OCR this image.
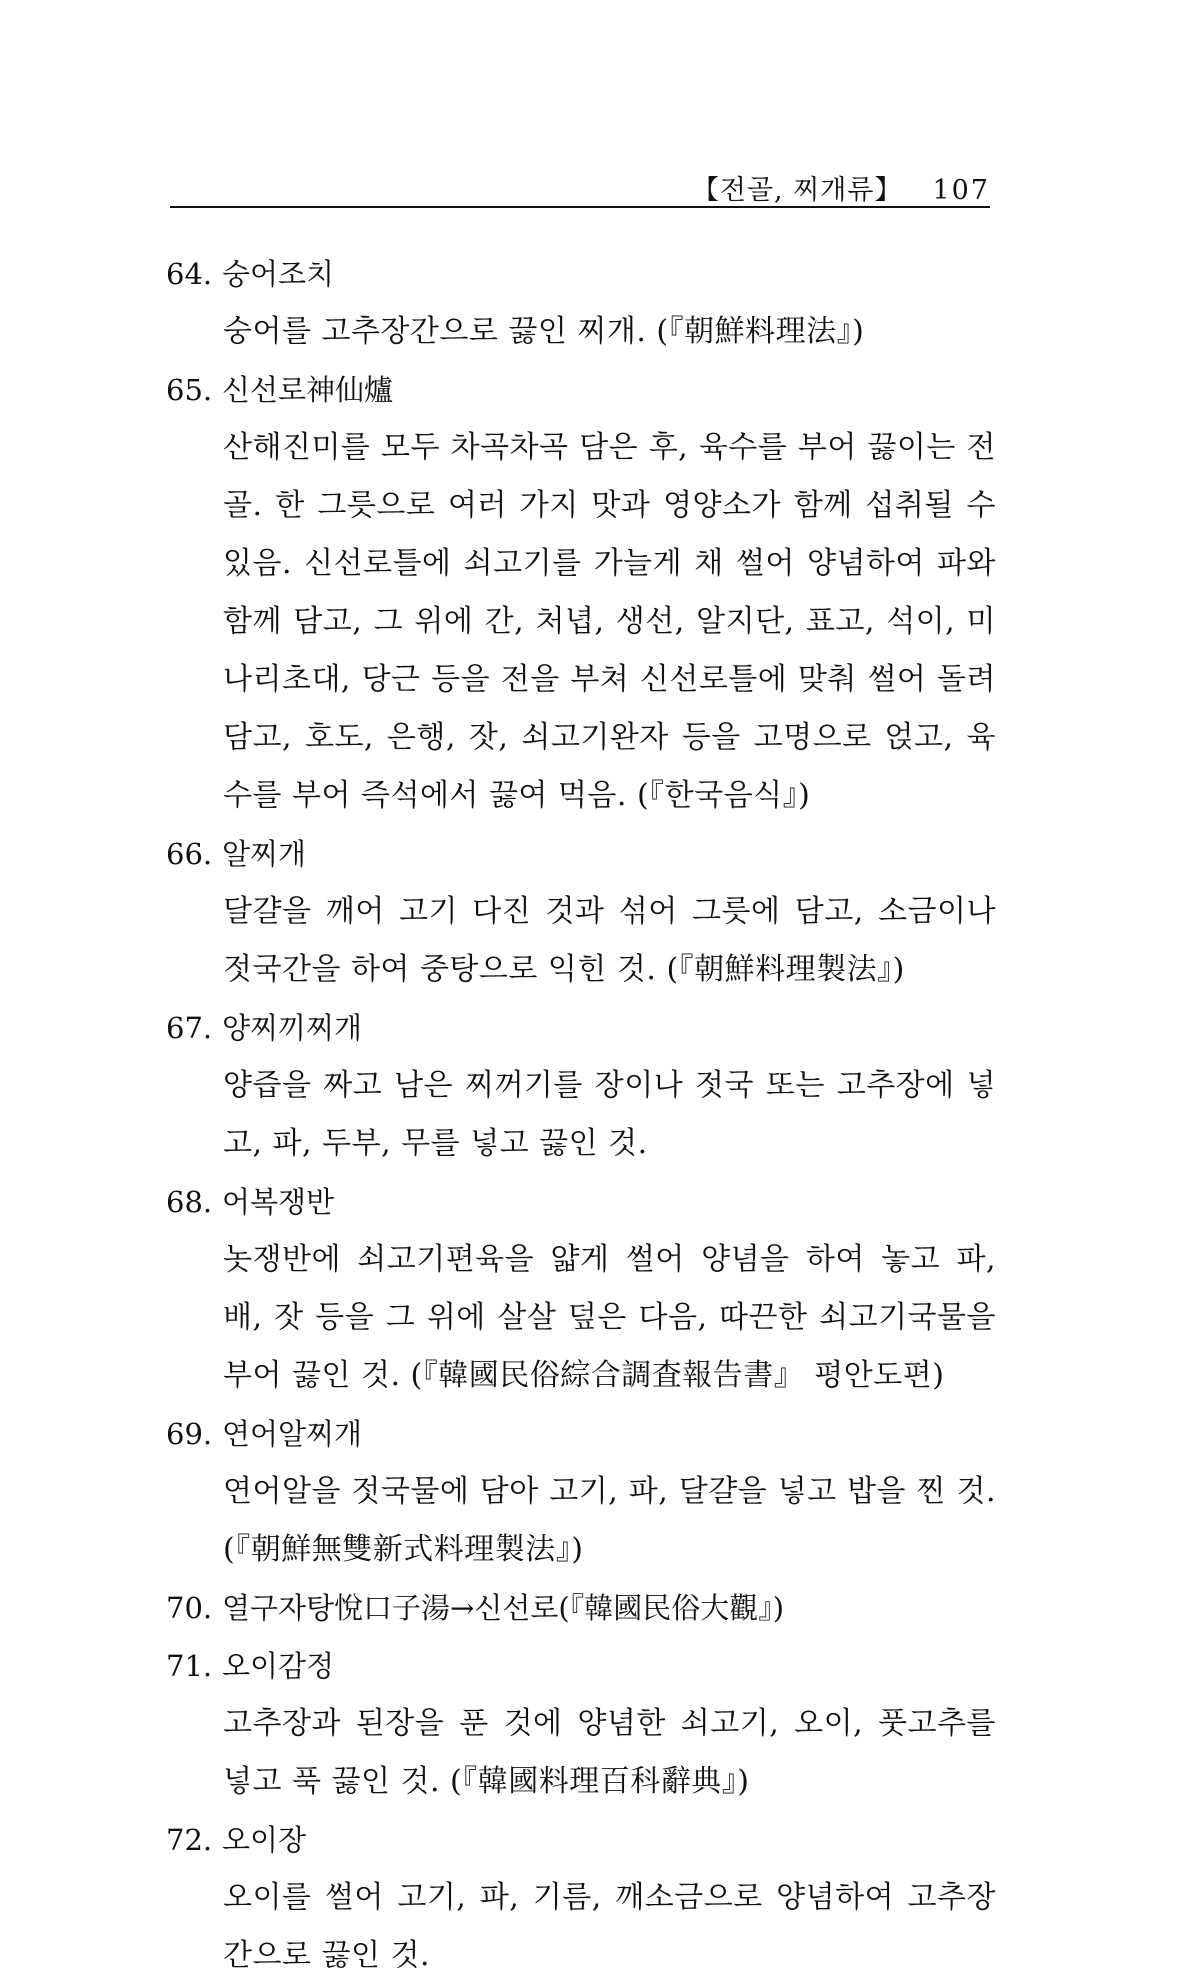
【전골, 찌개류】 107
64. 숭어조치
숭어를 고추장간으로 끓인 찌개. (『朝鮮料理法』)
65. 신선로神仙爐
산해진미를 모두 차곡차곡 담은 후, 육수를 부어 끓이는 전골. 한 그릇으로 여러 가지 맛과 영양소가 함께 섭취될 수 있음. 신선로틀에 쇠고기를 가늘게 채 썰어 양념하여 파와 함께 담고, 그 위에 간, 처녑, 생선, 알지단, 표고, 석이, 미나리초대, 당근 등을 전을 부쳐 신선로틀에 맞춰 썰어 돌려 담고, 호도, 은행, 잣, 쇠고기완자 등을 고명으로 얹고, 육수를 부어 즉석에서 끓여 먹음. (『한국음식』)
66. 알찌개
달걀을 깨어 고기 다진 것과 섞어 그릇에 담고, 소금이나 젓국간을 하여 중탕으로 익힌 것. (『朝鮮料理製法』)
67. 양찌끼찌개
양즙을 짜고 남은 찌꺼기를 장이나 젓국 또는 고추장에 넣고, 파, 두부, 무를 넣고 끓인 것.
68. 어복쟁반
놋쟁반에 쇠고기편육을 얇게 썰어 양념을 하여 놓고 파, 배, 잣 등을 그 위에 살살 덮은 다음, 따끈한 쇠고기국물을 부어 끓인 것. (『韓國民俗綜合調査報告書』 평안도편)
69. 연어알찌개
연어알을 젓국물에 담아 고기, 파, 달걀을 넣고 밥을 찐 것. (『朝鮮無雙新式料理製法』)
70. 열구자탕悅口子湯→신선로(『韓國民俗大觀』)
71. 오이감정
고추장과 된장을 푼 것에 양념한 쇠고기, 오이, 풋고추를 넣고 푹 끓인 것. (『韓國料理百科辭典』)
72. 오이장
오이를 썰어 고기, 파, 기름, 깨소금으로 양념하여 고추장간으로 끓인 것.
